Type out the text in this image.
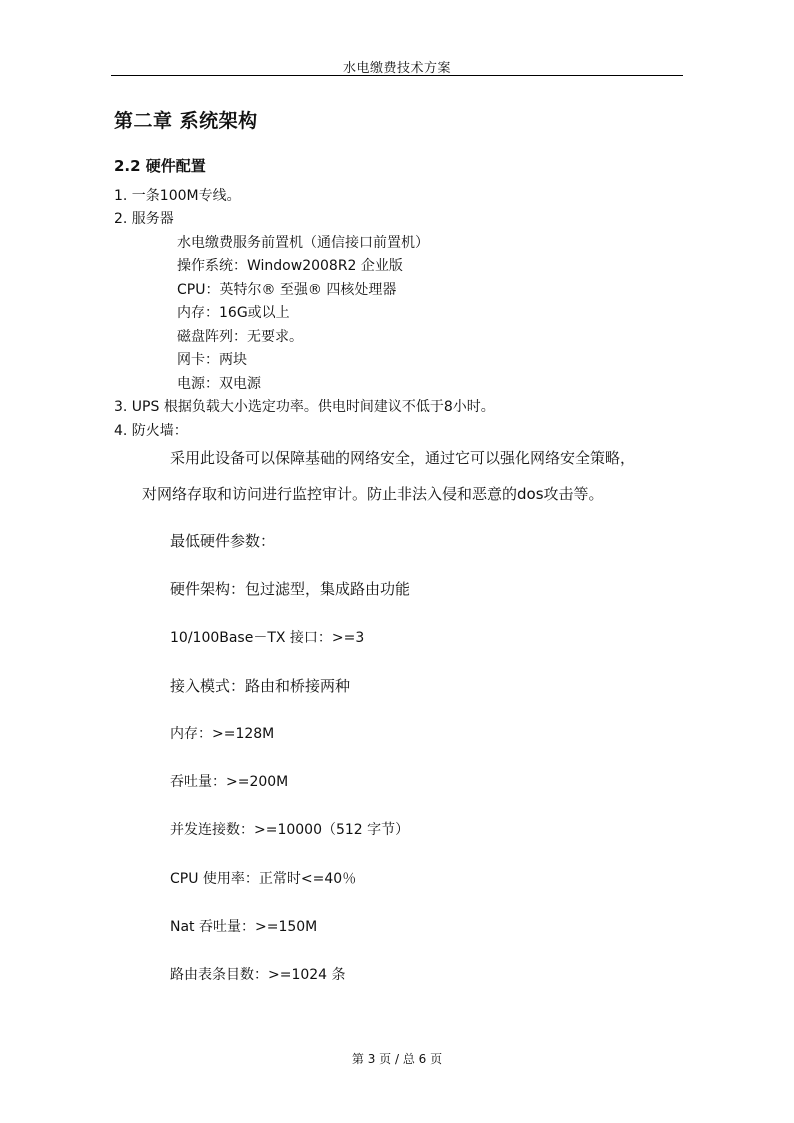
水电缴费技术方案
第二章 系统架构
2.2 硬件配置
1. 一条100M专线。
2. 服务器
水电缴费服务前置机（通信接口前置机）
操作系统：Window2008R2 企业版
CPU：英特尔® 至强® 四核处理器
内存：16G或以上
磁盘阵列：无要求。
网卡：两块
电源：双电源
3. UPS 根据负载大小选定功率。供电时间建议不低于8小时。
4. 防火墙：
采用此设备可以保障基础的网络安全，通过它可以强化网络安全策略，
对网络存取和访问进行监控审计。防止非法入侵和恶意的dos攻击等。
最低硬件参数：
硬件架构：包过滤型，集成路由功能
10/100Base－TX 接口：>=3
接入模式：路由和桥接两种
内存：>=128M
吞吐量：>=200M
并发连接数：>=10000（512 字节）
CPU 使用率：正常时<=40％
Nat 吞吐量：>=150M
路由表条目数：>=1024 条
第 3 页 / 总 6 页
